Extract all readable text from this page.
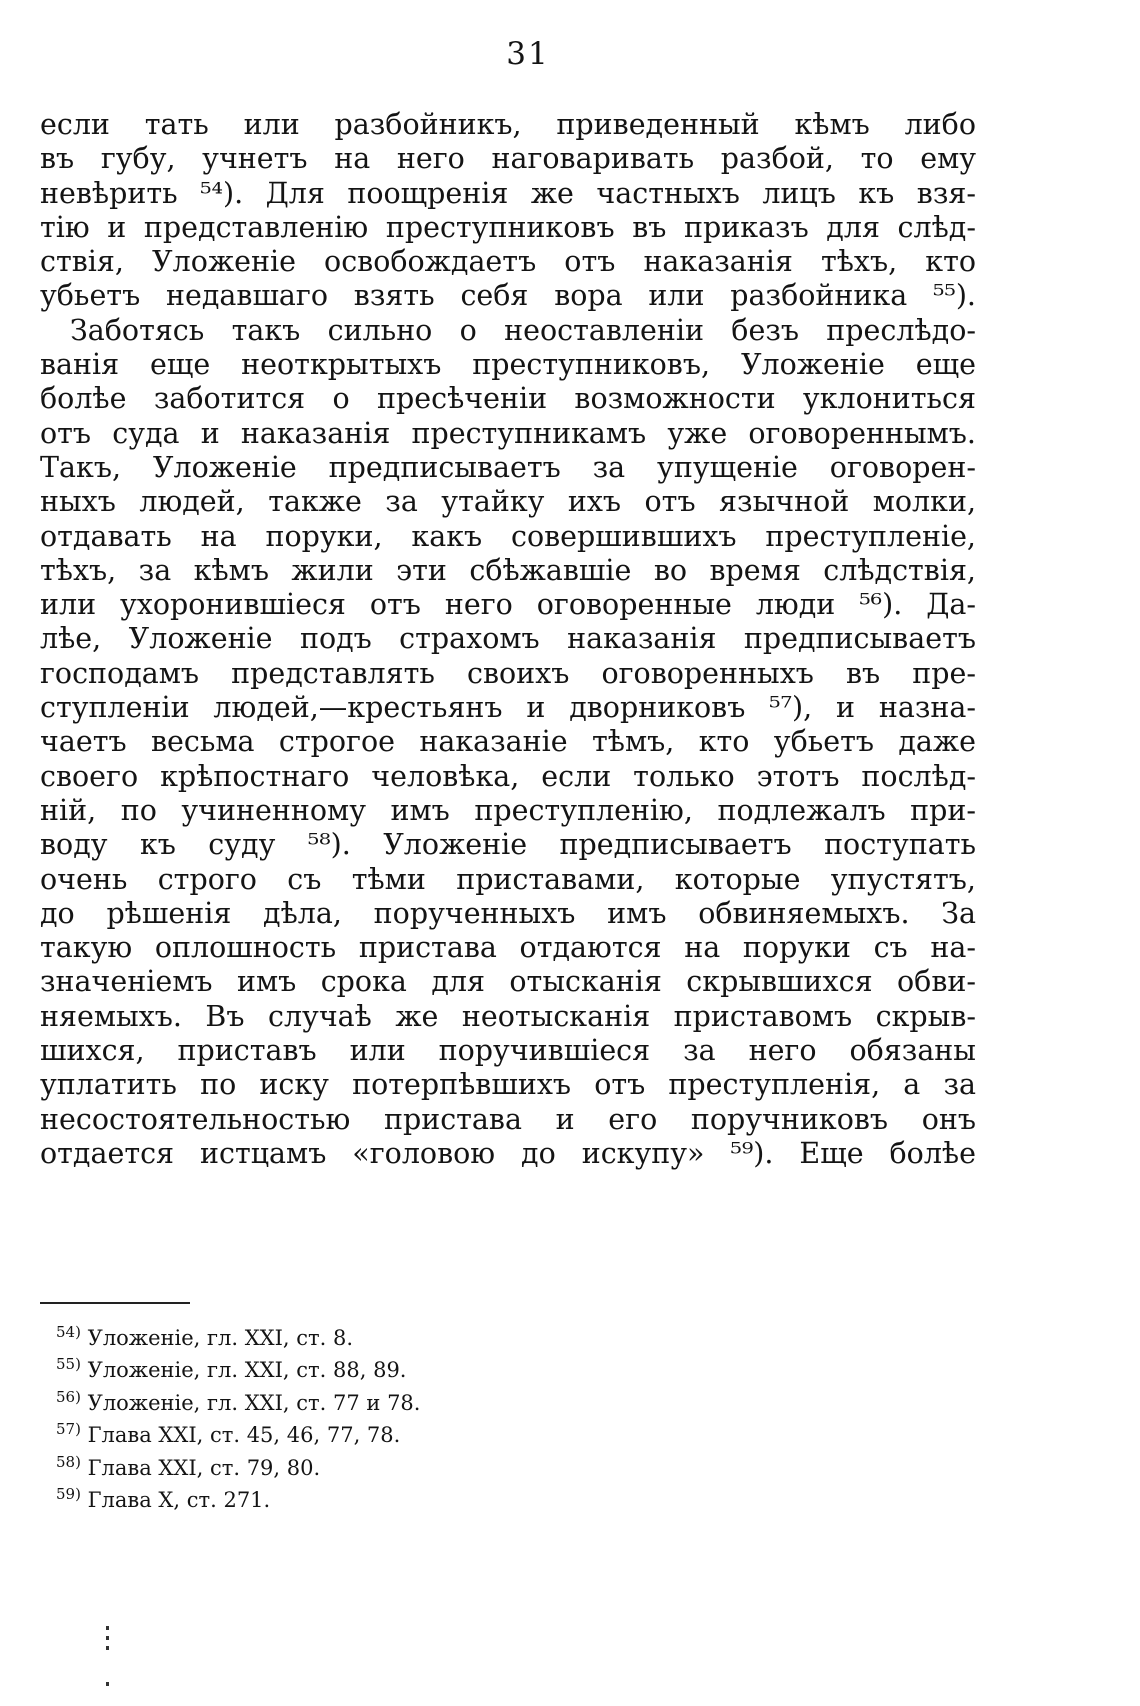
31
если тать или разбойникъ, приведенный кѣмъ либо
въ губу, учнетъ на него наговаривать разбой, то ему
невѣрить ⁵⁴). Для поощренія же частныхъ лицъ къ взя-
тію и представленію преступниковъ въ приказъ для слѣд-
ствія, Уложеніе освобождаетъ отъ наказанія тѣхъ, кто
убьетъ недавшаго взять себя вора или разбойника ⁵⁵).
Заботясь такъ сильно о неоставленіи безъ преслѣдо-
ванія еще неоткрытыхъ преступниковъ, Уложеніе еще
болѣе заботится о пресѣченіи возможности уклониться
отъ суда и наказанія преступникамъ уже оговореннымъ.
Такъ, Уложеніе предписываетъ за упущеніе оговорен-
ныхъ людей, также за утайку ихъ отъ язычной молки,
отдавать на поруки, какъ совершившихъ преступленіе,
тѣхъ, за кѣмъ жили эти сбѣжавшіе во время слѣдствія,
или ухоронившіеся отъ него оговоренные люди ⁵⁶). Да-
лѣе, Уложеніе подъ страхомъ наказанія предписываетъ
господамъ представлять своихъ оговоренныхъ въ пре-
ступленіи людей,—крестьянъ и дворниковъ ⁵⁷), и назна-
чаетъ весьма строгое наказаніе тѣмъ, кто убьетъ даже
своего крѣпостнаго человѣка, если только этотъ послѣд-
ній, по учиненному имъ преступленію, подлежалъ при-
воду къ суду ⁵⁸). Уложеніе предписываетъ поступать
очень строго съ тѣми приставами, которые упустятъ,
до рѣшенія дѣла, порученныхъ имъ обвиняемыхъ. За
такую оплошность пристава отдаются на поруки съ на-
значеніемъ имъ срока для отысканія скрывшихся обви-
няемыхъ. Въ случаѣ же неотысканія приставомъ скрыв-
шихся, приставъ или поручившіеся за него обязаны
уплатить по иску потерпѣвшихъ отъ преступленія, а за
несостоятельностью пристава и его поручниковъ онъ
отдается истцамъ «головою до искупу» ⁵⁹). Еще болѣе
$^{54)}$ Уложеніе, гл. XXI, ст. 8.
$^{55)}$ Уложеніе, гл. XXI, ст. 88, 89.
$^{56)}$ Уложеніе, гл. XXI, ст. 77 и 78.
$^{57)}$ Глава XXI, ст. 45, 46, 77, 78.
$^{58)}$ Глава XXI, ст. 79, 80.
$^{59)}$ Глава X, ст. 271.
